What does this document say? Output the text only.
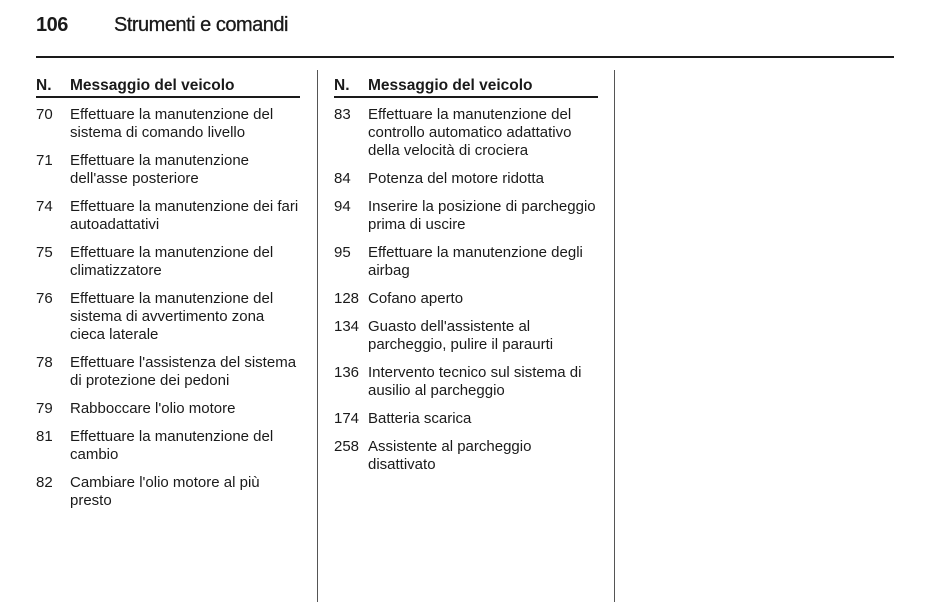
106 Strumenti e comandi
N. Messaggio del veicolo
70 Effettuare la manutenzione del sistema di comando livello
71 Effettuare la manutenzione dell'asse posteriore
74 Effettuare la manutenzione dei fari autoadattativi
75 Effettuare la manutenzione del climatizzatore
76 Effettuare la manutenzione del sistema di avvertimento zona cieca laterale
78 Effettuare l'assistenza del sistema di protezione dei pedoni
79 Rabboccare l'olio motore
81 Effettuare la manutenzione del cambio
82 Cambiare l'olio motore al più presto
N. Messaggio del veicolo
83 Effettuare la manutenzione del controllo automatico adattativo della velocità di crociera
84 Potenza del motore ridotta
94 Inserire la posizione di parcheggio prima di uscire
95 Effettuare la manutenzione degli airbag
128 Cofano aperto
134 Guasto dell'assistente al parcheggio, pulire il paraurti
136 Intervento tecnico sul sistema di ausilio al parcheggio
174 Batteria scarica
258 Assistente al parcheggio disattivato
